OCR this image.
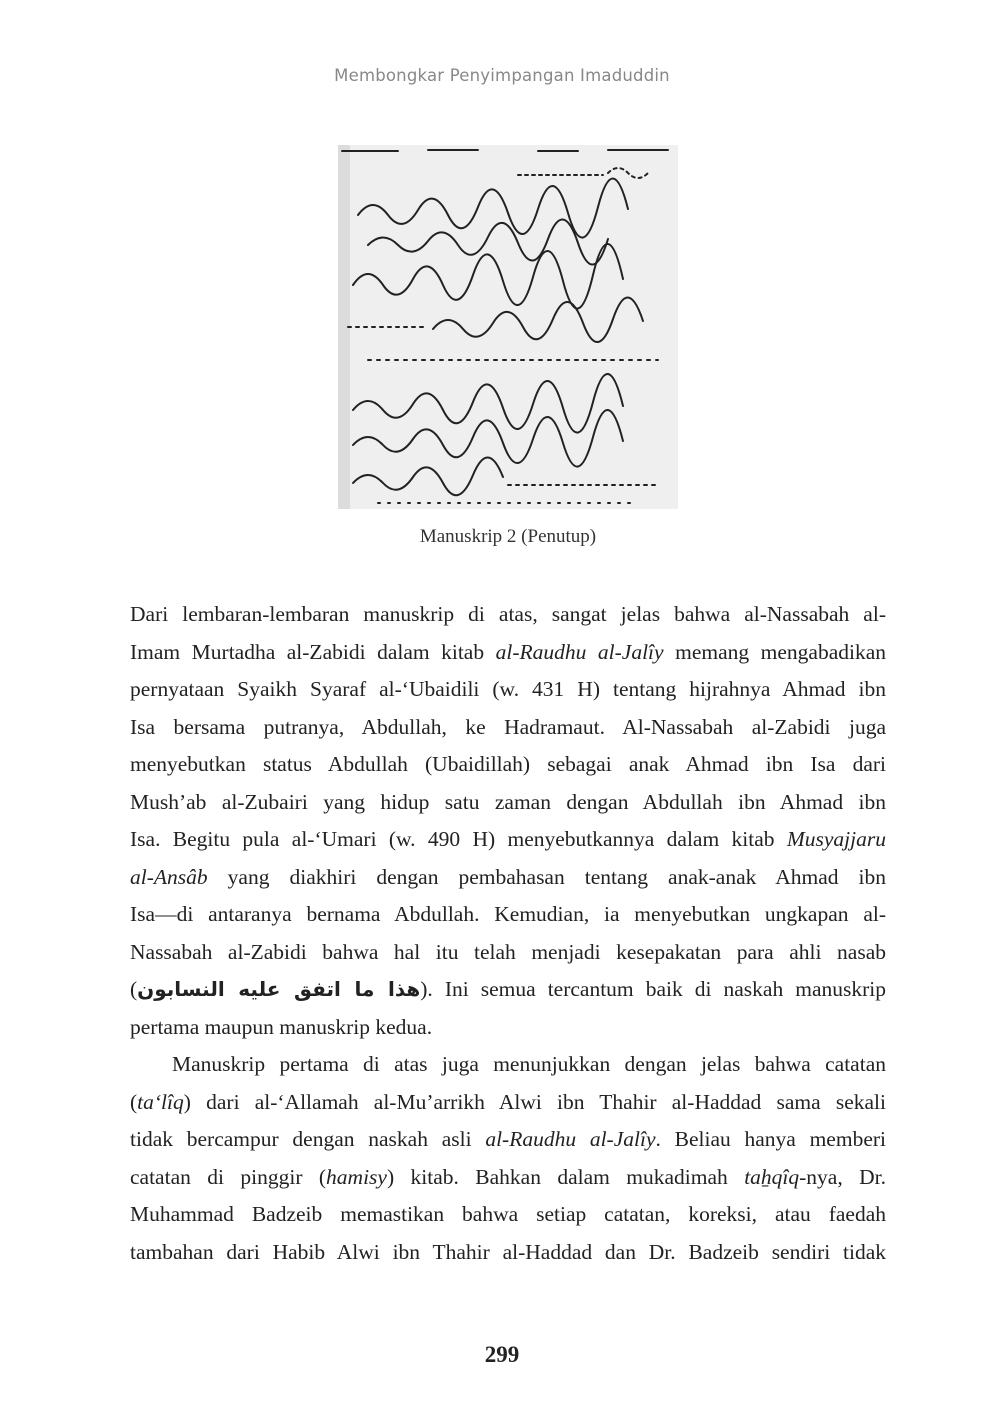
Membongkar Penyimpangan Imaduddin
Manuskrip 2 (Penutup)
Dari lembaran-lembaran manuskrip di atas, sangat jelas bahwa al-Nassabah al-
Imam Murtadha al-Zabidi dalam kitab al-Raudhu al-Jalîy memang mengabadikan
pernyataan Syaikh Syaraf al-‘Ubaidili (w. 431 H) tentang hijrahnya Ahmad ibn
Isa bersama putranya, Abdullah, ke Hadramaut. Al-Nassabah al-Zabidi juga
menyebutkan status Abdullah (Ubaidillah) sebagai anak Ahmad ibn Isa dari
Mush’ab al-Zubairi yang hidup satu zaman dengan Abdullah ibn Ahmad ibn
Isa. Begitu pula al-‘Umari (w. 490 H) menyebutkannya dalam kitab Musyajjaru
al-Ansâb yang diakhiri dengan pembahasan tentang anak-anak Ahmad ibn
Isa—di antaranya bernama Abdullah. Kemudian, ia menyebutkan ungkapan al-
Nassabah al-Zabidi bahwa hal itu telah menjadi kesepakatan para ahli nasab
(هذا ما اتفق عليه النسابون). Ini semua tercantum baik di naskah manuskrip
pertama maupun manuskrip kedua.
Manuskrip pertama di atas juga menunjukkan dengan jelas bahwa catatan
(ta‘lîq) dari al-‘Allamah al-Mu’arrikh Alwi ibn Thahir al-Haddad sama sekali
tidak bercampur dengan naskah asli al-Raudhu al-Jalîy. Beliau hanya memberi
catatan di pinggir (hamisy) kitab. Bahkan dalam mukadimah taẖqîq-nya, Dr.
Muhammad Badzeib memastikan bahwa setiap catatan, koreksi, atau faedah
tambahan dari Habib Alwi ibn Thahir al-Haddad dan Dr. Badzeib sendiri tidak
299
